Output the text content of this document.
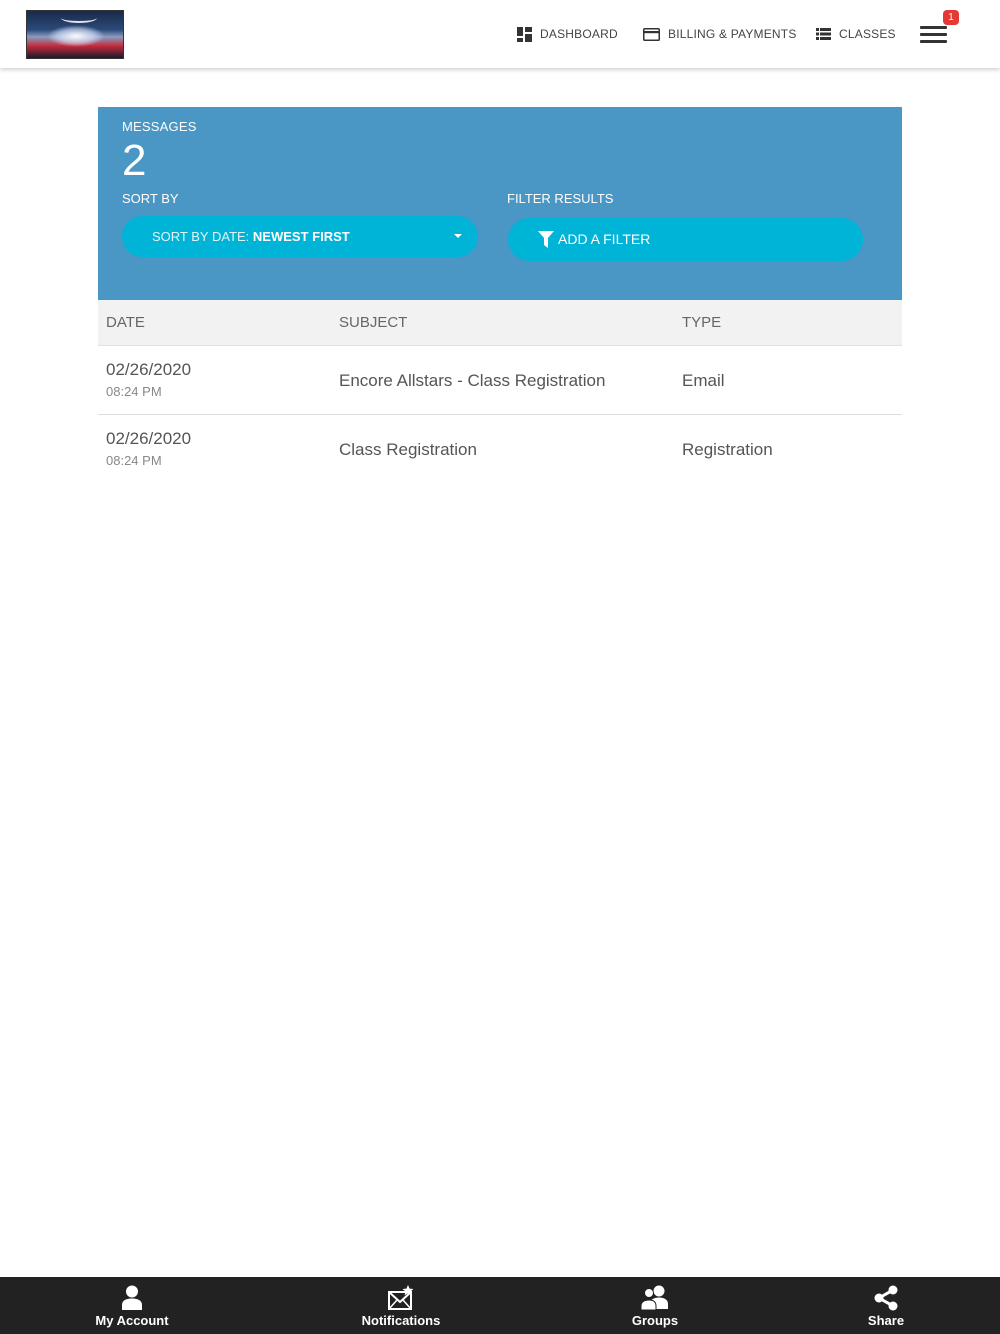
DASHBOARD	BILLING & PAYMENTS	CLASSES
1
MESSAGES
2
SORT BY	FILTER RESULTS
SORT BY DATE: NEWEST FIRST	ADD A FILTER
DATE	SUBJECT	TYPE
02/26/2020
08:24 PM
Encore Allstars - Class Registration	Email
02/26/2020
08:24 PM
Class Registration	Registration
My Account	Notifications	Groups	Share
